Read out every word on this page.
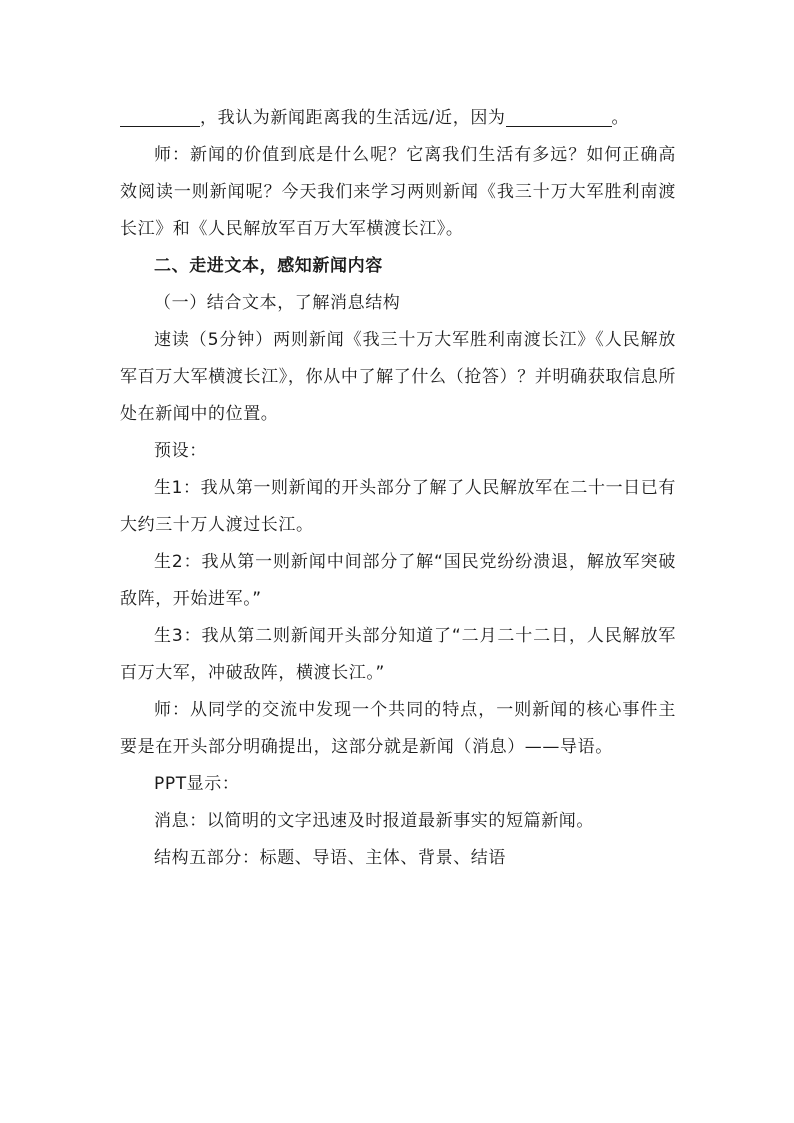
，我认为新闻距离我的生活远/近，因为	。

师：新闻的价值到底是什么呢？它离我们生活有多远？如何正确高效阅读一则新闻呢？今天我们来学习两则新闻《我三十万大军胜利南渡长江》和《人民解放军百万大军横渡长江》。

二、走进文本，感知新闻内容

（一）结合文本，了解消息结构

速读（5分钟）两则新闻《我三十万大军胜利南渡长江》《人民解放军百万大军横渡长江》，你从中了解了什么（抢答）？并明确获取信息所处在新闻中的位置。

预设：

生1：我从第一则新闻的开头部分了解了人民解放军在二十一日已有大约三十万人渡过长江。

生2：我从第一则新闻中间部分了解“国民党纷纷溃退，解放军突破敌阵，开始进军。”

生3：我从第二则新闻开头部分知道了“二月二十二日，人民解放军百万大军，冲破敌阵，横渡长江。”

师：从同学的交流中发现一个共同的特点，一则新闻的核心事件主要是在开头部分明确提出，这部分就是新闻（消息）——导语。

PPT显示：

消息：以简明的文字迅速及时报道最新事实的短篇新闻。

结构五部分：标题、导语、主体、背景、结语
